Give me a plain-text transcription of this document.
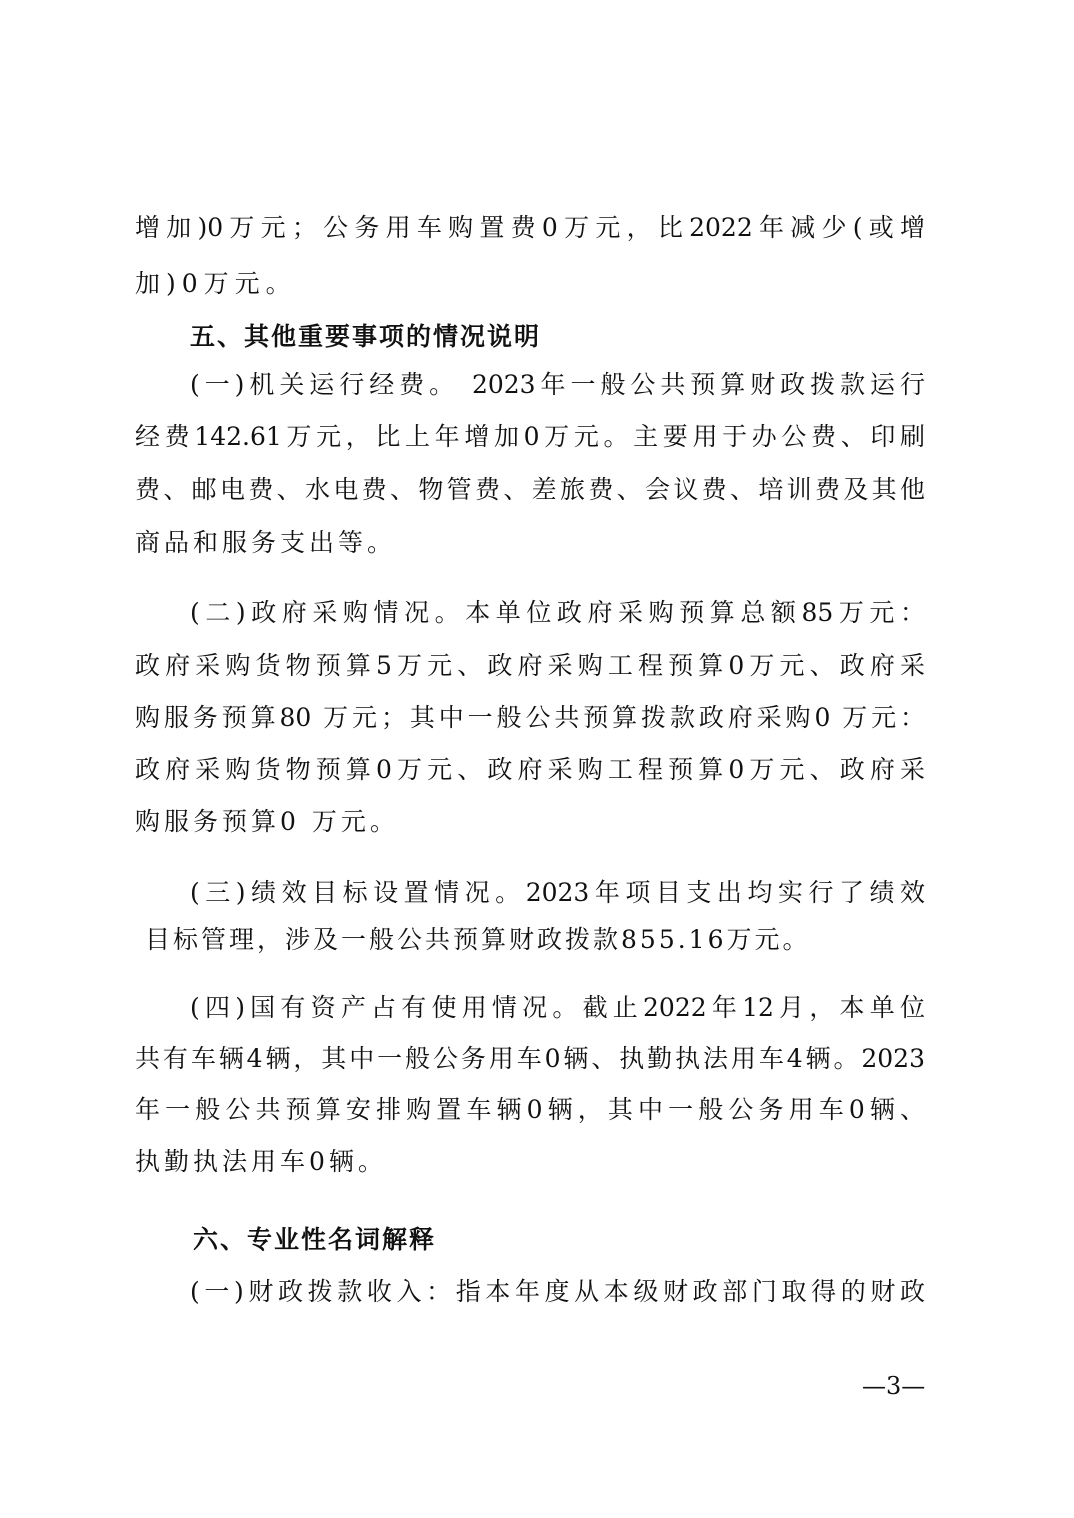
增加)0万元；公务用车购置费0万元，比2022年减少(或增
加)0万元。
五、其他重要事项的情况说明
(一)机关运行经费。 2023年一般公共预算财政拨款运行
经费142.61万元，比上年增加0万元。主要用于办公费、印刷
费、邮电费、水电费、物管费、差旅费、会议费、培训费及其他
商品和服务支出等。
(二)政府采购情况。本单位政府采购预算总额85万元：
政府采购货物预算5万元、政府采购工程预算0万元、政府采
购服务预算80 万元；其中一般公共预算拨款政府采购0 万元：
政府采购货物预算0万元、政府采购工程预算0万元、政府采
购服务预算0 万元。
(三)绩效目标设置情况。2023年项目支出均实行了绩效
目标管理，涉及一般公共预算财政拨款855.16万元。
(四)国有资产占有使用情况。截止2022年12月，本单位
共有车辆4辆，其中一般公务用车0辆、执勤执法用车4辆。2023
年一般公共预算安排购置车辆0辆，其中一般公务用车0辆、
执勤执法用车0辆。
六、专业性名词解释
(一)财政拨款收入：指本年度从本级财政部门取得的财政
—3—
